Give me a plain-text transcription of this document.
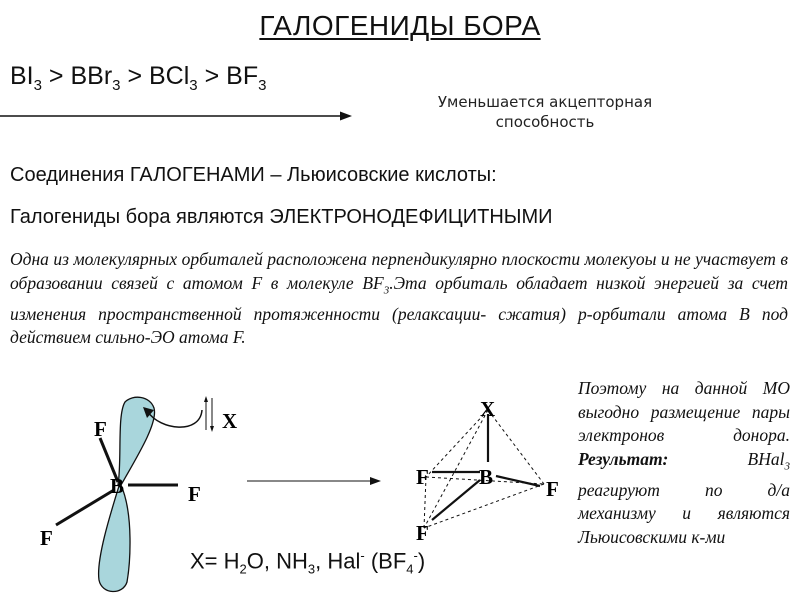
ГАЛОГЕНИДЫ БОРА
$BI_3 > BBr_3 > BCl_3 > BF_3$
Уменьшается акцепторная способность
Соединения ГАЛОГЕНАМИ – Льюисовские кислоты:
Галогениды бора являются ЭЛЕКТРОНОДЕФИЦИТНЫМИ
Одна из молекулярных орбиталей расположена перпендикулярно плоскости молекуоы и не участвует в образовании связей с атомом F в молекуле $BF_3.Эта$ орбиталь обладает низкой энергией за счет изменения пространственной протяженности (релаксации- сжатия) р-орбитали атома В под действием сильно-ЭО атома F.
Поэтому на данной МО выгодно размещение пары электронов донора. Результат: BHal$_3$ реагируют по д/а механизму и являются Льюисовскими к-ми
B
F
F
F
X	X
B
F	F
F
$X= H_2O$, $NH_3$, Hal- $(BF_4^-)$
